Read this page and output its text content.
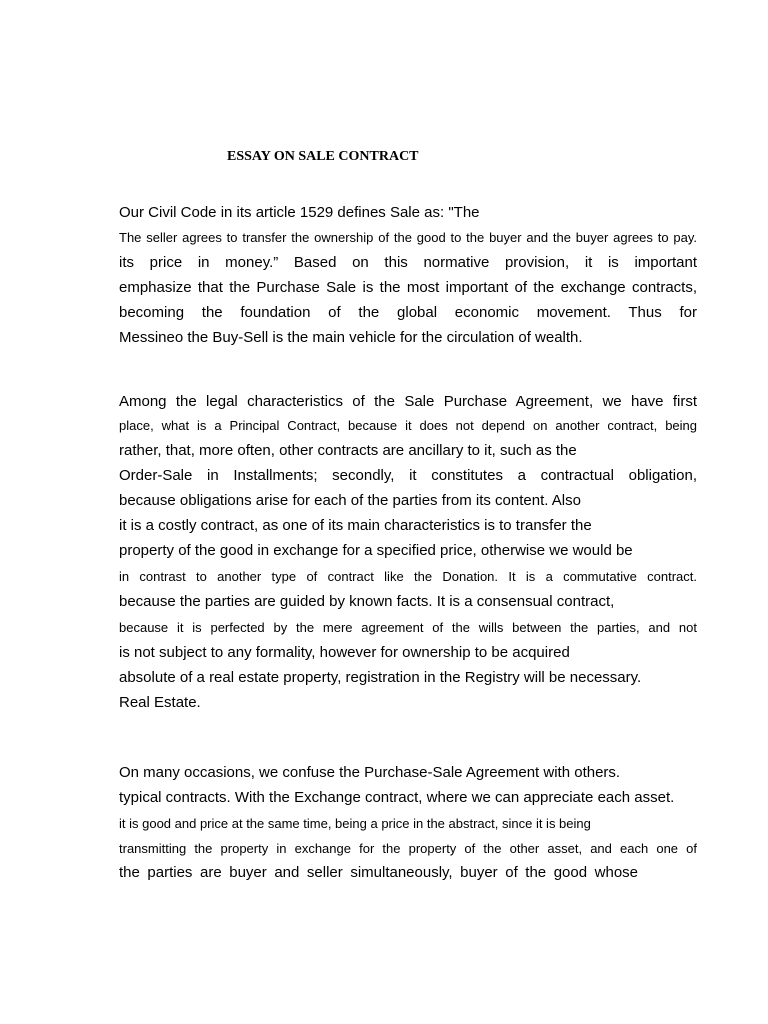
ESSAY ON SALE CONTRACT
Our Civil Code in its article 1529 defines Sale as: "The
The seller agrees to transfer the ownership of the good to the buyer and the buyer agrees to pay.
its price in money.” Based on this normative provision, it is important
emphasize that the Purchase Sale is the most important of the exchange contracts,
becoming the foundation of the global economic movement. Thus for
Messineo the Buy-Sell is the main vehicle for the circulation of wealth.
Among the legal characteristics of the Sale Purchase Agreement, we have first
place, what is a Principal Contract, because it does not depend on another contract, being
rather, that, more often, other contracts are ancillary to it, such as the
Order-Sale in Installments; secondly, it constitutes a contractual obligation,
because obligations arise for each of the parties from its content. Also
it is a costly contract, as one of its main characteristics is to transfer the
property of the good in exchange for a specified price, otherwise we would be
in contrast to another type of contract like the Donation. It is a commutative contract.
because the parties are guided by known facts. It is a consensual contract,
because it is perfected by the mere agreement of the wills between the parties, and not
is not subject to any formality, however for ownership to be acquired
absolute of a real estate property, registration in the Registry will be necessary.
Real Estate.
On many occasions, we confuse the Purchase-Sale Agreement with others.
typical contracts. With the Exchange contract, where we can appreciate each asset.
it is good and price at the same time, being a price in the abstract, since it is being
transmitting the property in exchange for the property of the other asset, and each one of
the parties are buyer and seller simultaneously, buyer of the good whose
